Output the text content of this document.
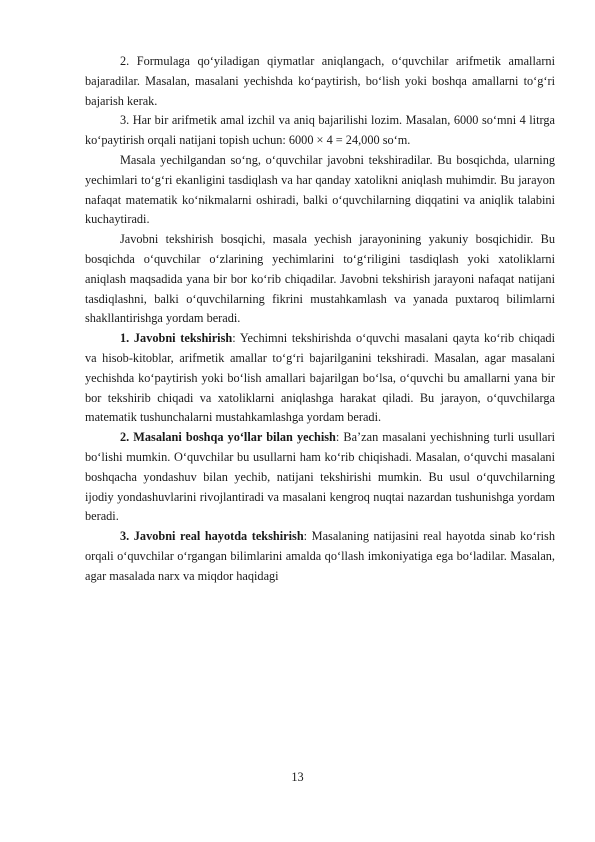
2. Formulaga qo‘yiladigan qiymatlar aniqlangach, o‘quvchilar arifmetik amallarni bajaradilar. Masalan, masalani yechishda ko‘paytirish, bo‘lish yoki boshqa amallarni to‘g‘ri bajarish kerak.

3. Har bir arifmetik amal izchil va aniq bajarilishi lozim. Masalan, 6000 so‘mni 4 litrga ko‘paytirish orqali natijani topish uchun: 6000 × 4 = 24,000 so‘m.

Masala yechilgandan so‘ng, o‘quvchilar javobni tekshiradilar. Bu bosqichda, ularning yechimlari to‘g‘ri ekanligini tasdiqlash va har qanday xatolikni aniqlash muhimdir. Bu jarayon nafaqat matematik ko‘nikmalarni oshiradi, balki o‘quvchilarning diqqatini va aniqlik talabini kuchaytiradi.

Javobni tekshirish bosqichi, masala yechish jarayonining yakuniy bosqichidir. Bu bosqichda o‘quvchilar o‘zlarining yechimlarini to‘g‘riligini tasdiqlash yoki xatoliklarni aniqlash maqsadida yana bir bor ko‘rib chiqadilar. Javobni tekshirish jarayoni nafaqat natijani tasdiqlashni, balki o‘quvchilarning fikrini mustahkamlash va yanada puxtaroq bilimlarni shakllantirishga yordam beradi.

1. Javobni tekshirish: Yechimni tekshirishda o‘quvchi masalani qayta ko‘rib chiqadi va hisob-kitoblar, arifmetik amallar to‘g‘ri bajarilganini tekshiradi. Masalan, agar masalani yechishda ko‘paytirish yoki bo‘lish amallari bajarilgan bo‘lsa, o‘quvchi bu amallarni yana bir bor tekshirib chiqadi va xatoliklarni aniqlashga harakat qiladi. Bu jarayon, o‘quvchilarga matematik tushunchalarni mustahkamlashga yordam beradi.

2. Masalani boshqa yo‘llar bilan yechish: Ba’zan masalani yechishning turli usullari bo‘lishi mumkin. O‘quvchilar bu usullarni ham ko‘rib chiqishadi. Masalan, o‘quvchi masalani boshqacha yondashuv bilan yechib, natijani tekshirishi mumkin. Bu usul o‘quvchilarning ijodiy yondashuvlarini rivojlantiradi va masalani kengroq nuqtai nazardan tushunishga yordam beradi.

3. Javobni real hayotda tekshirish: Masalaning natijasini real hayotda sinab ko‘rish orqali o‘quvchilar o‘rgangan bilimlarini amalda qo‘llash imkoniyatiga ega bo‘ladilar. Masalan, agar masalada narx va miqdor haqidagi

13
